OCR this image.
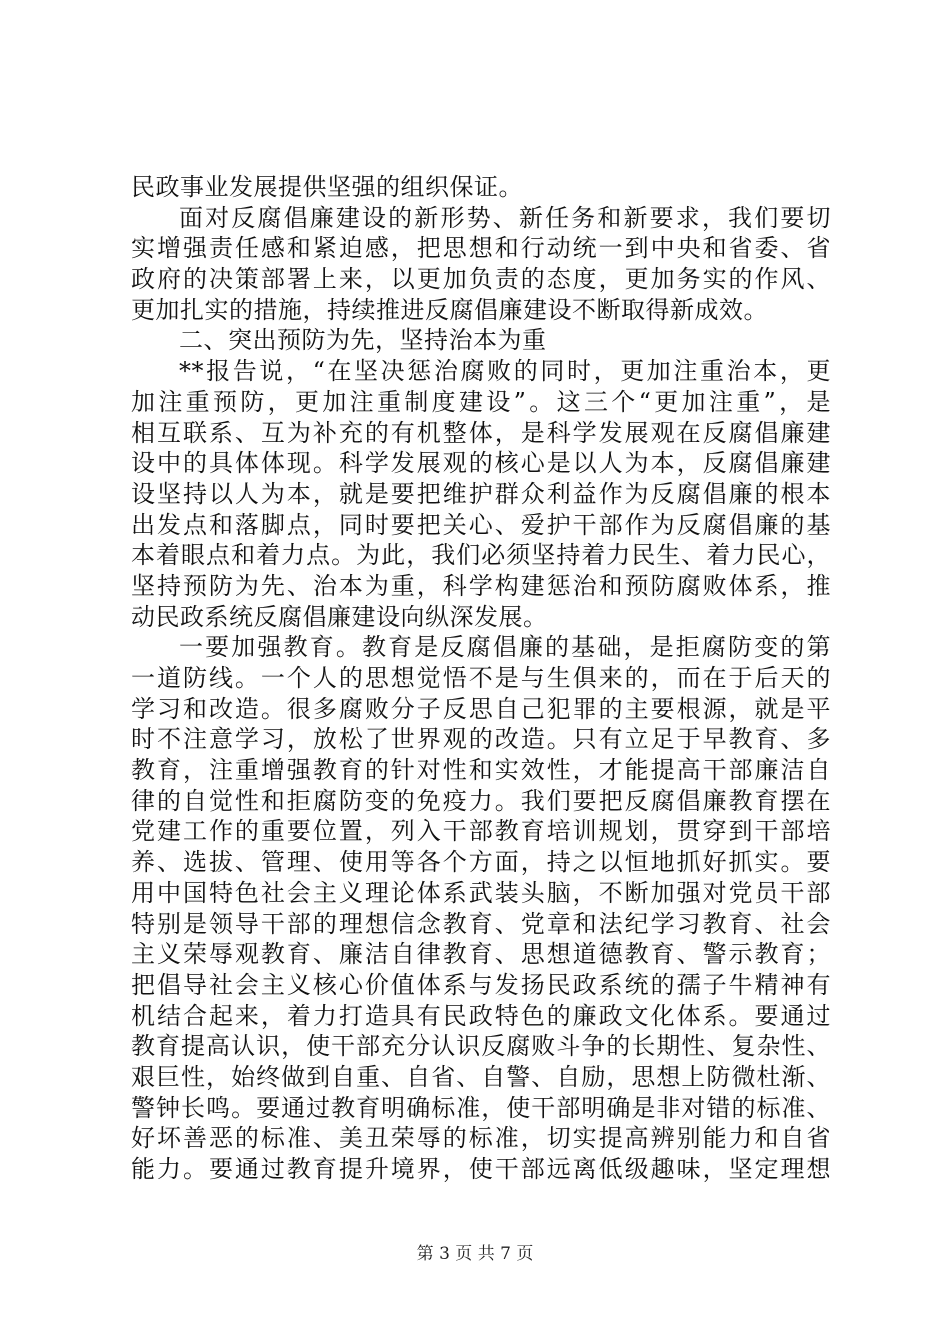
民政事业发展提供坚强的组织保证。
面对反腐倡廉建设的新形势、新任务和新要求，我们要切
实增强责任感和紧迫感，把思想和行动统一到中央和省委、省
政府的决策部署上来，以更加负责的态度，更加务实的作风、
更加扎实的措施，持续推进反腐倡廉建设不断取得新成效。
二、突出预防为先，坚持治本为重
**报告说，“在坚决惩治腐败的同时，更加注重治本，更
加注重预防，更加注重制度建设”。这三个“更加注重”，是
相互联系、互为补充的有机整体，是科学发展观在反腐倡廉建
设中的具体体现。科学发展观的核心是以人为本，反腐倡廉建
设坚持以人为本，就是要把维护群众利益作为反腐倡廉的根本
出发点和落脚点，同时要把关心、爱护干部作为反腐倡廉的基
本着眼点和着力点。为此，我们必须坚持着力民生、着力民心，
坚持预防为先、治本为重，科学构建惩治和预防腐败体系，推
动民政系统反腐倡廉建设向纵深发展。
一要加强教育。教育是反腐倡廉的基础，是拒腐防变的第
一道防线。一个人的思想觉悟不是与生俱来的，而在于后天的
学习和改造。很多腐败分子反思自己犯罪的主要根源，就是平
时不注意学习，放松了世界观的改造。只有立足于早教育、多
教育，注重增强教育的针对性和实效性，才能提高干部廉洁自
律的自觉性和拒腐防变的免疫力。我们要把反腐倡廉教育摆在
党建工作的重要位置，列入干部教育培训规划，贯穿到干部培
养、选拔、管理、使用等各个方面，持之以恒地抓好抓实。要
用中国特色社会主义理论体系武装头脑，不断加强对党员干部
特别是领导干部的理想信念教育、党章和法纪学习教育、社会
主义荣辱观教育、廉洁自律教育、思想道德教育、警示教育；
把倡导社会主义核心价值体系与发扬民政系统的孺子牛精神有
机结合起来，着力打造具有民政特色的廉政文化体系。要通过
教育提高认识，使干部充分认识反腐败斗争的长期性、复杂性、
艰巨性，始终做到自重、自省、自警、自励，思想上防微杜渐、
警钟长鸣。要通过教育明确标准，使干部明确是非对错的标准、
好坏善恶的标准、美丑荣辱的标准，切实提高辨别能力和自省
能力。要通过教育提升境界，使干部远离低级趣味，坚定理想
第 3 页 共 7 页
